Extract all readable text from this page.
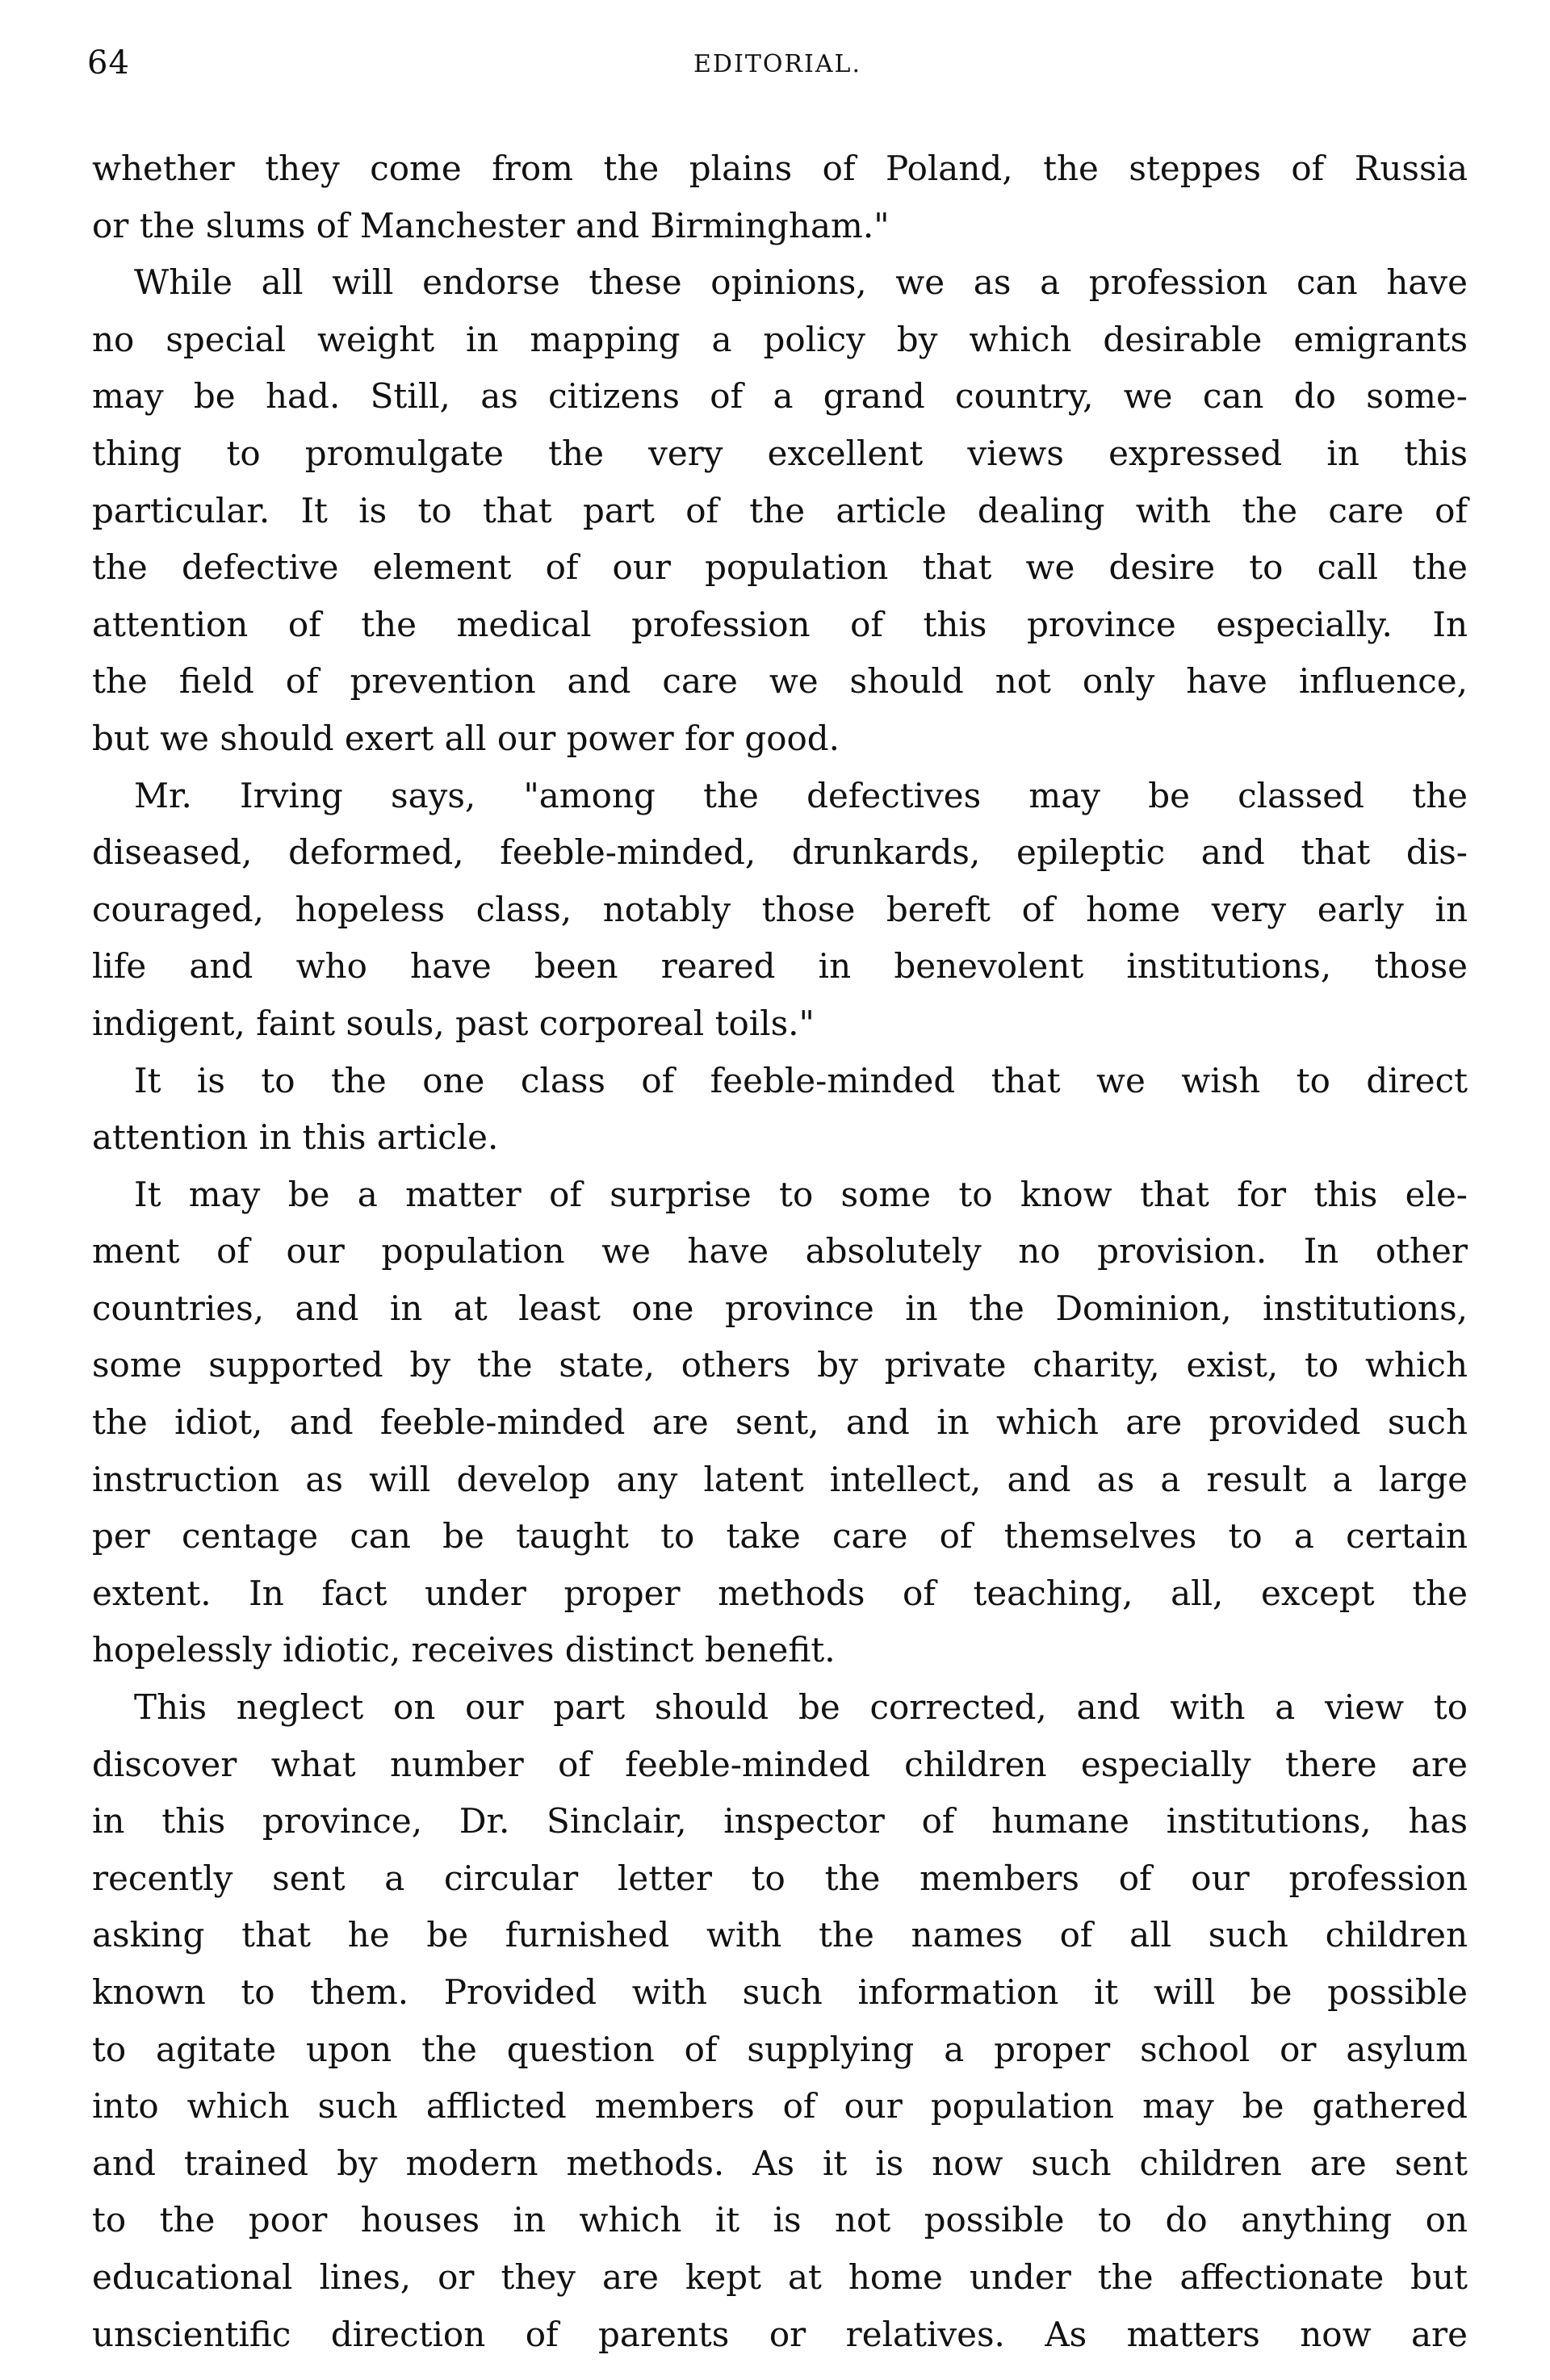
64	EDITORIAL.
whether they come from the plains of Poland, the steppes of Russia
or the slums of Manchester and Birmingham."
While all will endorse these opinions, we as a profession can have
no special weight in mapping a policy by which desirable emigrants
may be had. Still, as citizens of a grand country, we can do some-
thing to promulgate the very excellent views expressed in this
particular. It is to that part of the article dealing with the care of
the defective element of our population that we desire to call the
attention of the medical profession of this province especially. In
the field of prevention and care we should not only have influence,
but we should exert all our power for good.
Mr. Irving says, "among the defectives may be classed the
diseased, deformed, feeble-minded, drunkards, epileptic and that dis-
couraged, hopeless class, notably those bereft of home very early in
life and who have been reared in benevolent institutions, those
indigent, faint souls, past corporeal toils."
It is to the one class of feeble-minded that we wish to direct
attention in this article.
It may be a matter of surprise to some to know that for this ele-
ment of our population we have absolutely no provision. In other
countries, and in at least one province in the Dominion, institutions,
some supported by the state, others by private charity, exist, to which
the idiot, and feeble-minded are sent, and in which are provided such
instruction as will develop any latent intellect, and as a result a large
per centage can be taught to take care of themselves to a certain
extent. In fact under proper methods of teaching, all, except the
hopelessly idiotic, receives distinct benefit.
This neglect on our part should be corrected, and with a view to
discover what number of feeble-minded children especially there are
in this province, Dr. Sinclair, inspector of humane institutions, has
recently sent a circular letter to the members of our profession
asking that he be furnished with the names of all such children
known to them. Provided with such information it will be possible
to agitate upon the question of supplying a proper school or asylum
into which such afflicted members of our population may be gathered
and trained by modern methods. As it is now such children are sent
to the poor houses in which it is not possible to do anything on
educational lines, or they are kept at home under the affectionate but
unscientific direction of parents or relatives. As matters now are
